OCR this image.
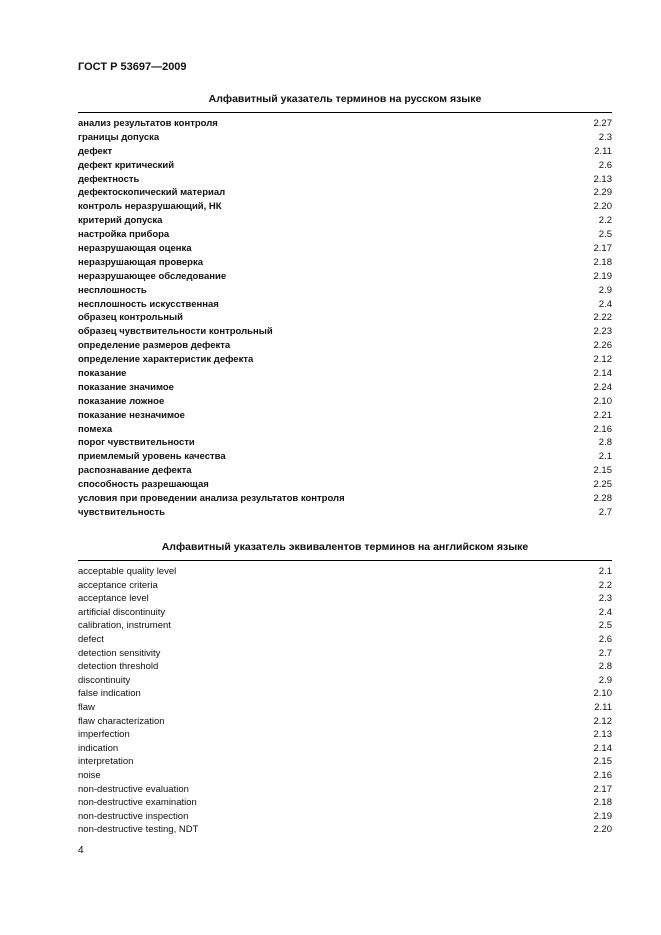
ГОСТ Р 53697—2009
Алфавитный указатель терминов на русском языке
анализ результатов контроля	2.27
границы допуска	2.3
дефект	2.11
дефект критический	2.6
дефектность	2.13
дефектоскопический материал	2.29
контроль неразрушающий, НК	2.20
критерий допуска	2.2
настройка прибора	2.5
неразрушающая оценка	2.17
неразрушающая проверка	2.18
неразрушающее обследование	2.19
несплошность	2.9
несплошность искусственная	2.4
образец контрольный	2.22
образец чувствительности контрольный	2.23
определение размеров дефекта	2.26
определение характеристик дефекта	2.12
показание	2.14
показание значимое	2.24
показание ложное	2.10
показание незначимое	2.21
помеха	2.16
порог чувствительности	2.8
приемлемый уровень качества	2.1
распознавание дефекта	2.15
способность разрешающая	2.25
условия при проведении анализа результатов контроля	2.28
чувствительность	2.7
Алфавитный указатель эквивалентов терминов на английском языке
acceptable quality level	2.1
acceptance criteria	2.2
acceptance level	2.3
artificial discontinuity	2.4
calibration, instrument	2.5
defect	2.6
detection sensitivity	2.7
detection threshold	2.8
discontinuity	2.9
false indication	2.10
flaw	2.11
flaw characterization	2.12
imperfection	2.13
indication	2.14
interpretation	2.15
noise	2.16
non-destructive evaluation	2.17
non-destructive examination	2.18
non-destructive inspection	2.19
non-destructive testing, NDT	2.20
4
